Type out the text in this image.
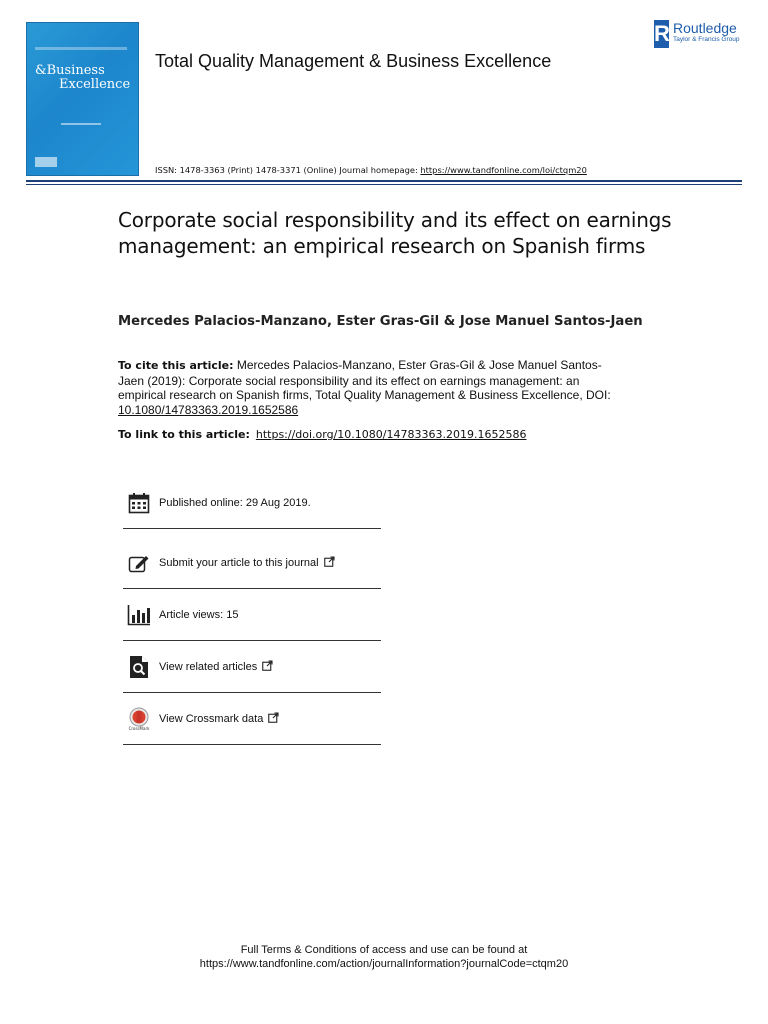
&Business
Excellence
Total Quality Management & Business Excellence
ISSN: 1478-3363 (Print) 1478-3371 (Online) Journal homepage: https://www.tandfonline.com/loi/ctqm20
R Routledge
Taylor & Francis Group
Corporate social responsibility and its effect on earnings management: an empirical research on Spanish firms
Mercedes Palacios-Manzano, Ester Gras-Gil & Jose Manuel Santos-Jaen
To cite this article: Mercedes Palacios-Manzano, Ester Gras-Gil & Jose Manuel Santos-Jaen (2019): Corporate social responsibility and its effect on earnings management: an empirical research on Spanish firms, Total Quality Management & Business Excellence, DOI: 10.1080/14783363.2019.1652586
To link to this article: https://doi.org/10.1080/14783363.2019.1652586
Published online: 29 Aug 2019.
Submit your article to this journal
Article views: 15
View related articles
CrossMark
View Crossmark data
Full Terms & Conditions of access and use can be found at
https://www.tandfonline.com/action/journalInformation?journalCode=ctqm20
